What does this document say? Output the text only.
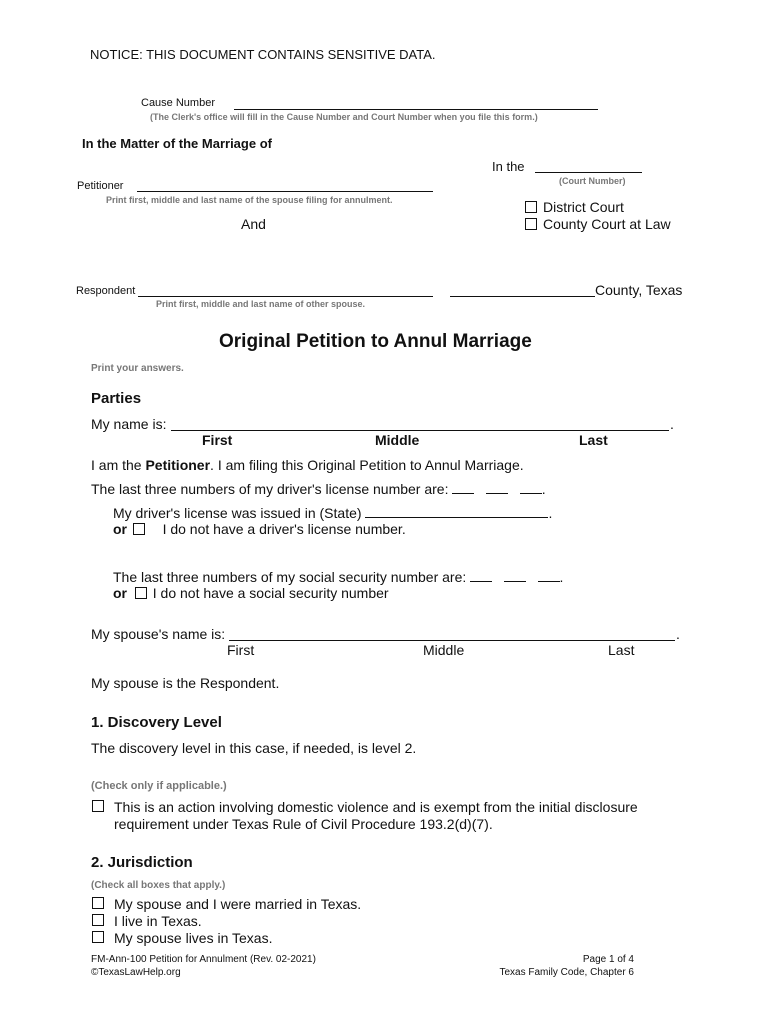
NOTICE: THIS DOCUMENT CONTAINS SENSITIVE DATA.
Cause Number
(The Clerk's office will fill in the Cause Number and Court Number when you file this form.)
In the Matter of the Marriage of
In the
(Court Number)
Petitioner
Print first, middle and last name of the spouse filing for annulment.	District Court
County Court at Law
And
Respondent
Print first, middle and last name of other spouse.
County, Texas
Original Petition to Annul Marriage
Print your answers.
Parties
My name is:	.
First	Middle	Last
I am the Petitioner. I am filing this Original Petition to Annul Marriage.
The last three numbers of my driver's license number are:	.
My driver's license was issued in (State)	.
or	I do not have a driver's license number.
The last three numbers of my social security number are:	.
or I do not have a social security number
My spouse's name is:	.
First	Middle	Last
My spouse is the Respondent.
1. Discovery Level
The discovery level in this case, if needed, is level 2.
(Check only if applicable.)
This is an action involving domestic violence and is exempt from the initial disclosure
requirement under Texas Rule of Civil Procedure 193.2(d)(7).
2. Jurisdiction
(Check all boxes that apply.)
My spouse and I were married in Texas.
I live in Texas.
My spouse lives in Texas.
FM-Ann-100 Petition for Annulment (Rev. 02-2021)
©TexasLawHelp.org
Page 1 of 4
Texas Family Code, Chapter 6
